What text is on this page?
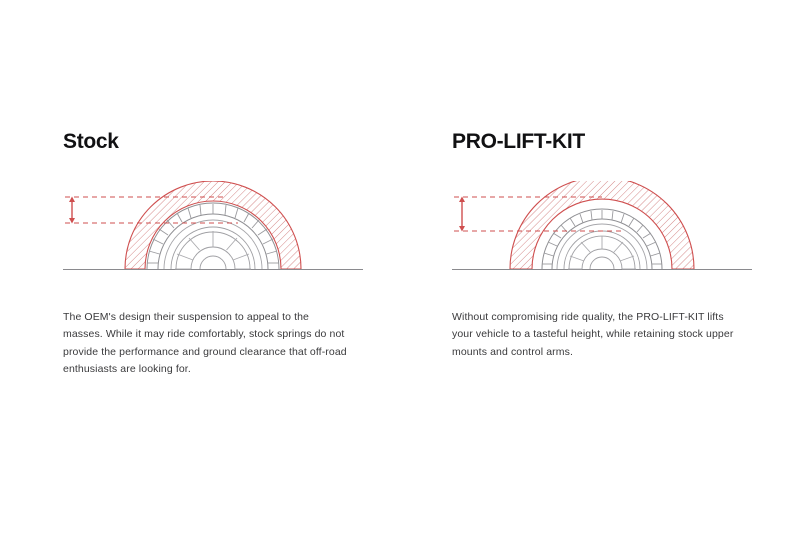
Stock

The OEM's design their suspension to appeal to the masses. While it may ride comfortably, stock springs do not provide the performance and ground clearance that off-road enthusiasts are looking for.

PRO-LIFT-KIT

Without compromising ride quality, the PRO-LIFT-KIT lifts your vehicle to a tasteful height, while retaining stock upper mounts and control arms.
